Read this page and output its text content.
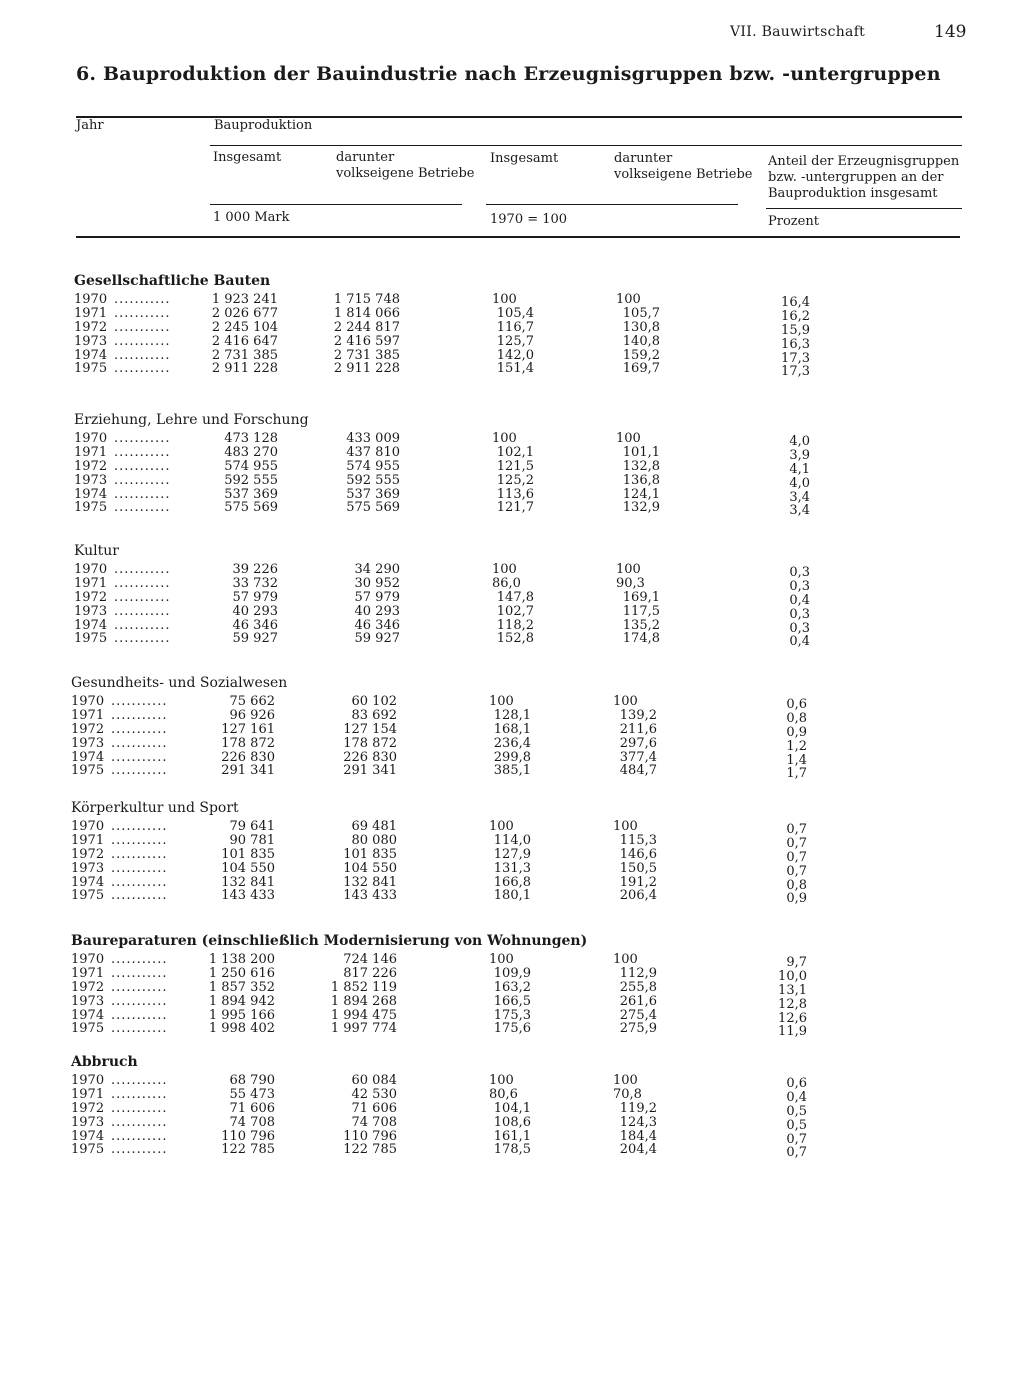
VII. Bauwirtschaft	149
6. Bauproduktion der Bauindustrie nach Erzeugnisgruppen bzw. -untergruppen
Jahr	Bauproduktion
Insgesamt	darunter volkseigene Betriebe
Insgesamt	darunter volkseigene Betriebe
Anteil der Erzeugnisgruppen bzw. -untergruppen an der Bauproduktion insgesamt
1 000 Mark	1970 = 100	Prozent
Gesellschaftliche Bauten
1970 ...........	1 923 241	1 715 748	100	100	16,4
1971 ...........	2 026 677	1 814 066	105,4	105,7	16,2
1972 ...........	2 245 104	2 244 817	116,7	130,8	15,9
1973 ...........	2 416 647	2 416 597	125,7	140,8	16,3
1974 ...........	2 731 385	2 731 385	142,0	159,2	17,3
1975 ...........	2 911 228	2 911 228	151,4	169,7	17,3
Erziehung, Lehre und Forschung
1970 ...........	473 128	433 009	100	100	4,0
1971 ...........	483 270	437 810	102,1	101,1	3,9
1972 ...........	574 955	574 955	121,5	132,8	4,1
1973 ...........	592 555	592 555	125,2	136,8	4,0
1974 ...........	537 369	537 369	113,6	124,1	3,4
1975 ...........	575 569	575 569	121,7	132,9	3,4
Kultur
1970 ...........	39 226	34 290	100	100	0,3
1971 ...........	33 732	30 952	86,0	90,3	0,3
1972 ...........	57 979	57 979	147,8	169,1	0,4
1973 ...........	40 293	40 293	102,7	117,5	0,3
1974 ...........	46 346	46 346	118,2	135,2	0,3
1975 ...........	59 927	59 927	152,8	174,8	0,4
Gesundheits- und Sozialwesen
1970 ...........	75 662	60 102	100	100	0,6
1971 ...........	96 926	83 692	128,1	139,2	0,8
1972 ...........	127 161	127 154	168,1	211,6	0,9
1973 ...........	178 872	178 872	236,4	297,6	1,2
1974 ...........	226 830	226 830	299,8	377,4	1,4
1975 ...........	291 341	291 341	385,1	484,7	1,7
Körperkultur und Sport
1970 ...........	79 641	69 481	100	100	0,7
1971 ...........	90 781	80 080	114,0	115,3	0,7
1972 ...........	101 835	101 835	127,9	146,6	0,7
1973 ...........	104 550	104 550	131,3	150,5	0,7
1974 ...........	132 841	132 841	166,8	191,2	0,8
1975 ...........	143 433	143 433	180,1	206,4	0,9
Baureparaturen (einschließlich Modernisierung von Wohnungen)
1970 ...........	1 138 200	724 146	100	100	9,7
1971 ...........	1 250 616	817 226	109,9	112,9	10,0
1972 ...........	1 857 352	1 852 119	163,2	255,8	13,1
1973 ...........	1 894 942	1 894 268	166,5	261,6	12,8
1974 ...........	1 995 166	1 994 475	175,3	275,4	12,6
1975 ...........	1 998 402	1 997 774	175,6	275,9	11,9
Abbruch
1970 ...........	68 790	60 084	100	100	0,6
1971 ...........	55 473	42 530	80,6	70,8	0,4
1972 ...........	71 606	71 606	104,1	119,2	0,5
1973 ...........	74 708	74 708	108,6	124,3	0,5
1974 ...........	110 796	110 796	161,1	184,4	0,7
1975 ...........	122 785	122 785	178,5	204,4	0,7
